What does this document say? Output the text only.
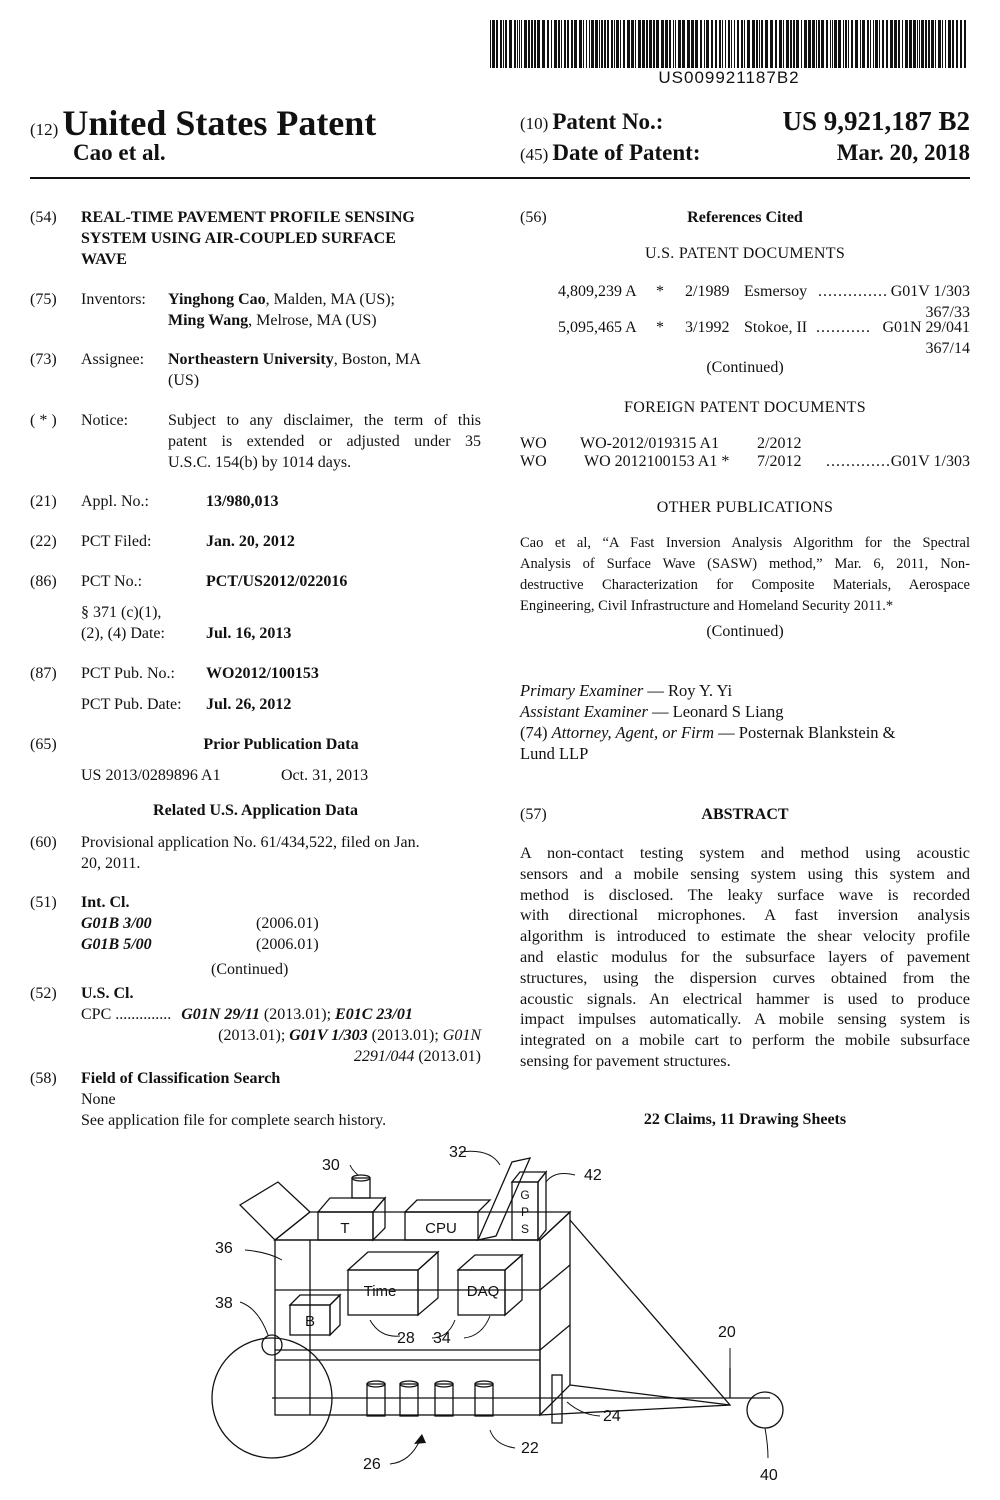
US009921187B2
(12) United States Patent
Cao et al.
(10) Patent No.:	US 9,921,187 B2
(45) Date of Patent:	Mar. 20, 2018
(54) REAL-TIME PAVEMENT PROFILE SENSING
SYSTEM USING AIR-COUPLED SURFACE
WAVE
(75) Inventors: Yinghong Cao, Malden, MA (US);
Ming Wang, Melrose, MA (US)
(73) Assignee: Northeastern University, Boston, MA
(US)
( * ) Notice: Subject to any disclaimer, the term of this
patent is extended or adjusted under 35
U.S.C. 154(b) by 1014 days.
(21) Appl. No.:	13/980,013
(22) PCT Filed:	Jan. 20, 2012
(86) PCT No.:	PCT/US2012/022016
§ 371 (c)(1),
(2), (4) Date:	Jul. 16, 2013
(87) PCT Pub. No.: WO2012/100153
PCT Pub. Date: Jul. 26, 2012
(65)	Prior Publication Data
US 2013/0289896 A1	Oct. 31, 2013
Related U.S. Application Data
(60) Provisional application No. 61/434,522, filed on Jan.
20, 2011.
(51) Int. Cl.
G01B 3/00	(2006.01)
G01B 5/00	(2006.01)
(Continued)
(52) U.S. Cl.
CPC .............. G01N 29/11 (2013.01); E01C 23/01
(2013.01); G01V 1/303 (2013.01); G01N
2291/044 (2013.01)
(58) Field of Classification Search
None
See application file for complete search history.
(56)	References Cited
U.S. PATENT DOCUMENTS
4,809,239 A * 2/1989 Esmersoy .............. G01V 1/303
367/33
5,095,465 A * 3/1992 Stokoe, II ........... G01N 29/041
367/14
(Continued)
FOREIGN PATENT DOCUMENTS
WO WO-2012/019315 A1 2/2012
WO WO 2012100153 A1 * 7/2012 ............. G01V 1/303
OTHER PUBLICATIONS
Cao et al, “A Fast Inversion Analysis Algorithm for the Spectral
Analysis of Surface Wave (SASW) method,” Mar. 6, 2011, Non-
destructive Characterization for Composite Materials, Aerospace
Engineering, Civil Infrastructure and Homeland Security 2011.*
(Continued)
Primary Examiner — Roy Y. Yi
Assistant Examiner — Leonard S Liang
(74) Attorney, Agent, or Firm — Posternak Blankstein &
Lund LLP
(57)	ABSTRACT
A non-contact testing system and method using acoustic
sensors and a mobile sensing system using this system and
method is disclosed. The leaky surface wave is recorded
with directional microphones. A fast inversion analysis
algorithm is introduced to estimate the shear velocity profile
and elastic modulus for the subsurface layers of pavement
structures, using the dispersion curves obtained from the
acoustic signals. An electrical hammer is used to produce
impact impulses automatically. A mobile sensing system is
integrated on a mobile cart to perform the mobile subsurface
sensing for pavement structures.
22 Claims, 11 Drawing Sheets
30
32
42
36
38
20
28 34
24
22
26
40
T	CPU
G
P
S
B
Time	DAQ
